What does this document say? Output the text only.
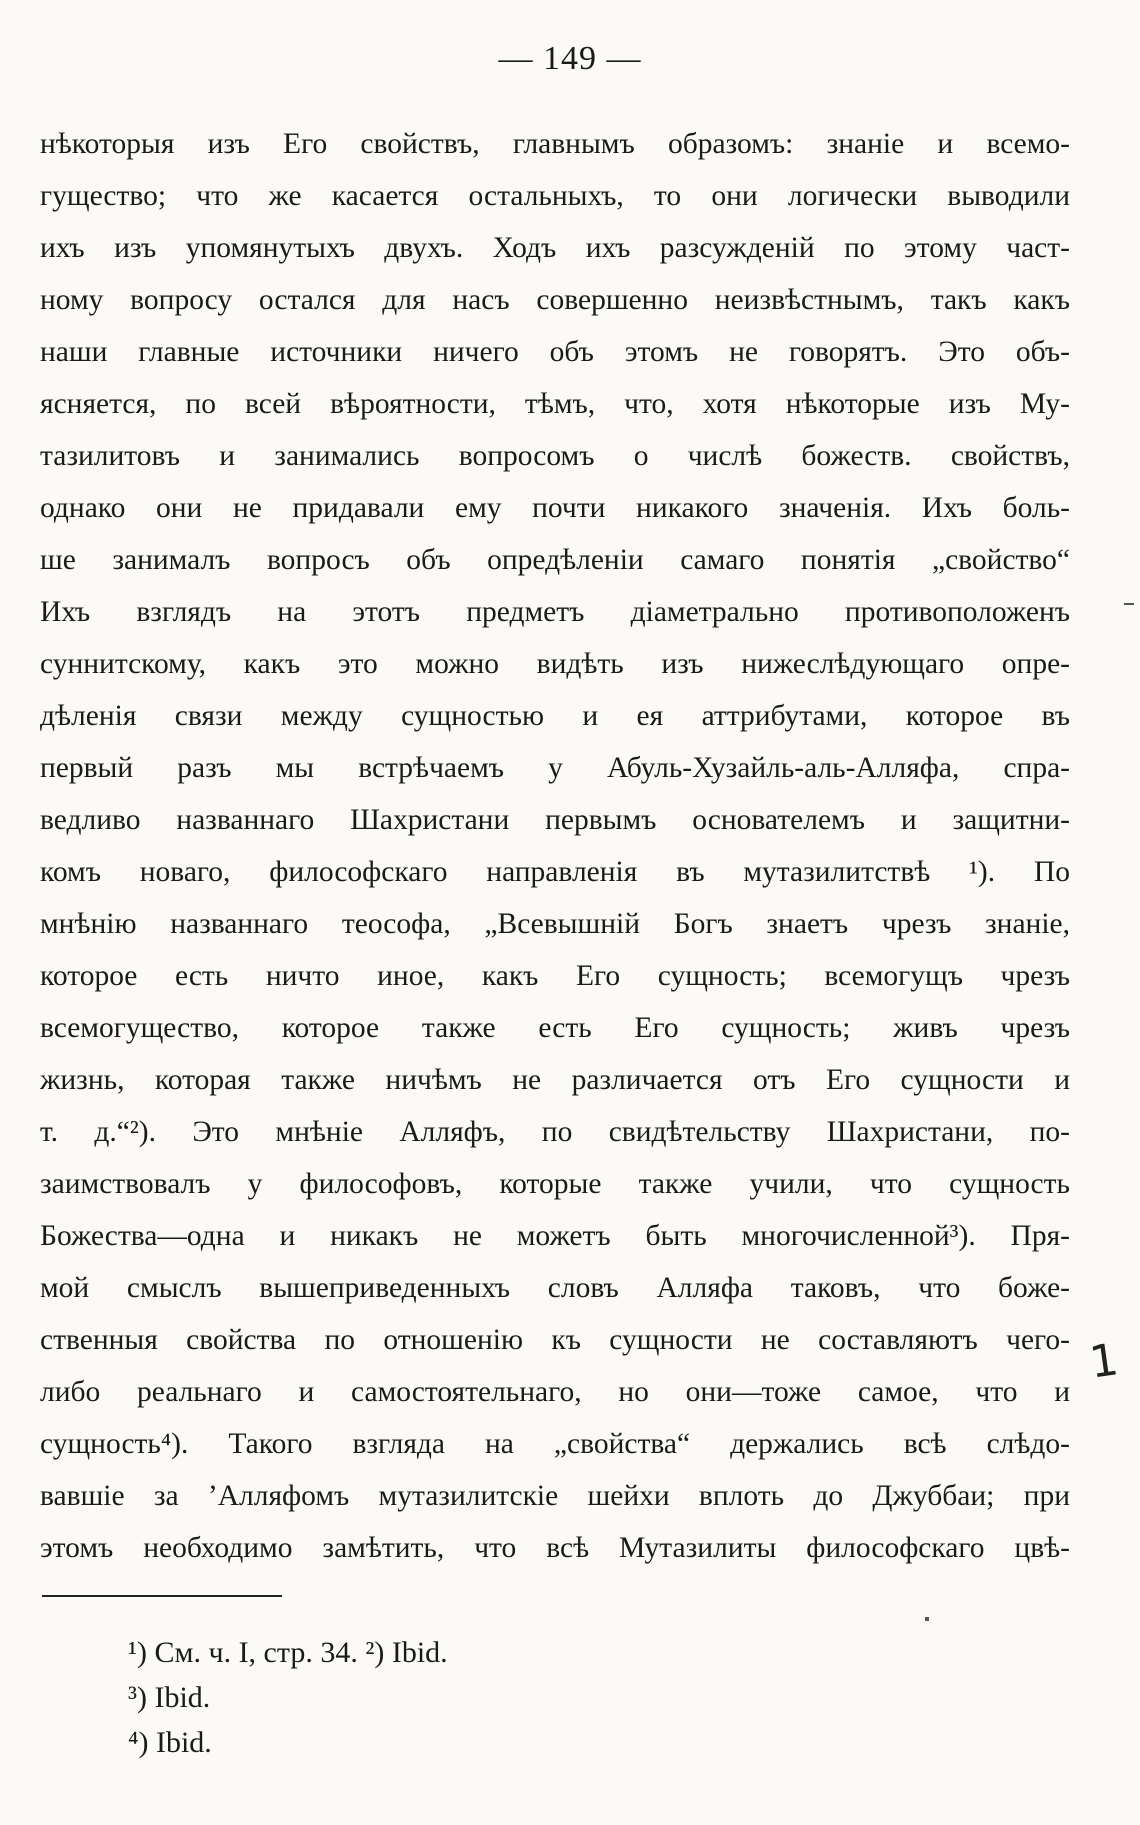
— 149 —
нѣкоторыя изъ Его свойствъ, главнымъ образомъ: знаніе и всемо-
гущество; что же касается остальныхъ, то они логически выводили
ихъ изъ упомянутыхъ двухъ. Ходъ ихъ разсужденій по этому част-
ному вопросу остался для насъ совершенно неизвѣстнымъ, такъ какъ
наши главные источники ничего объ этомъ не говорятъ. Это объ-
ясняется, по всей вѣроятности, тѣмъ, что, хотя нѣкоторые изъ Му-
тазилитовъ и занимались вопросомъ о числѣ божеств. свойствъ,
однако они не придавали ему почти никакого значенія. Ихъ боль-
ше занималъ вопросъ объ опредѣленіи самаго понятія „свойство“
Ихъ взглядъ на этотъ предметъ діаметрально противоположенъ
суннитскому, какъ это можно видѣть изъ нижеслѣдующаго опре-
дѣленія связи между сущностью и ея аттрибутами, которое въ
первый разъ мы встрѣчаемъ у Абуль-Хузайль-аль-Алляфа, спра-
ведливо названнаго Шахристани первымъ основателемъ и защитни-
комъ новаго, философскаго направленія въ мутазилитствѣ ¹). По
мнѣнію названнаго теософа, „Всевышній Богъ знаетъ чрезъ знаніе,
которое есть ничто иное, какъ Его сущность; всемогущъ чрезъ
всемогущество, которое также есть Его сущность; живъ чрезъ
жизнь, которая также ничѣмъ не различается отъ Его сущности и
т. д.“²). Это мнѣніе Алляфъ, по свидѣтельству Шахристани, по-
заимствовалъ у философовъ, которые также учили, что сущность
Божества—одна и никакъ не можетъ быть многочисленной³). Пря-
мой смыслъ вышеприведенныхъ словъ Алляфа таковъ, что боже-
ственныя свойства по отношенію къ сущности не составляютъ чего-
либо реальнаго и самостоятельнаго, но они—тоже самое, что и
сущность⁴). Такого взгляда на „свойства“ держались всѣ слѣдо-
вавшіе за ’Алляфомъ мутазилитскіе шейхи вплоть до Джуббаи; при
этомъ необходимо замѣтить, что всѣ Мутазилиты философскаго цвѣ-
1
¹) См. ч. I, стр. 34. ²) Ibid.
³) Ibid.
⁴) Ibid.
